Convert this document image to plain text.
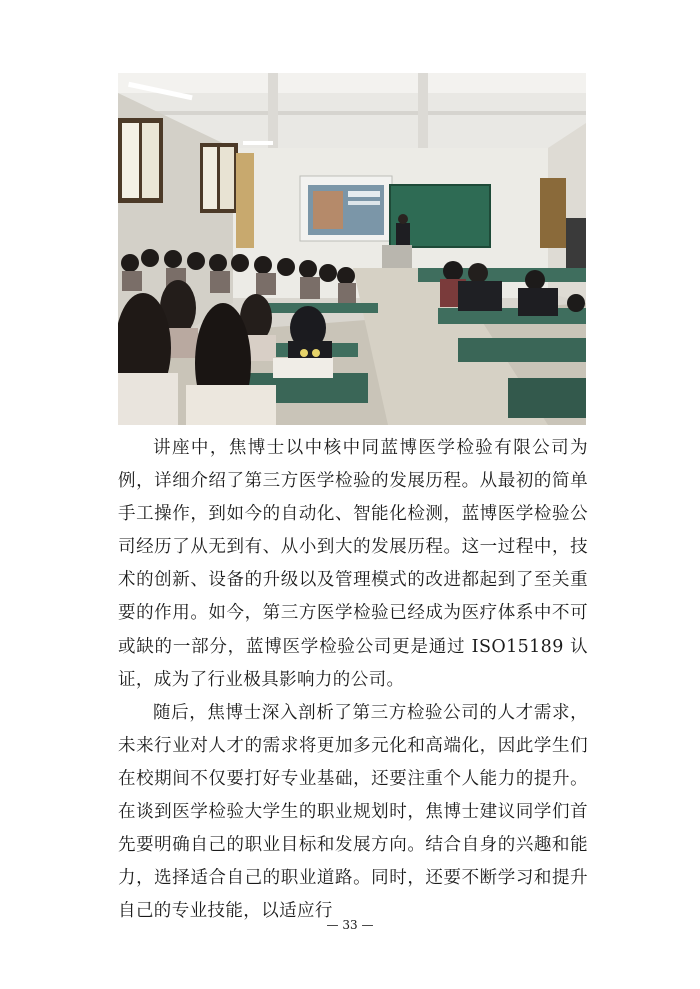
讲座中，焦博士以中核中同蓝博医学检验有限公司为例，详细介绍了第三方医学检验的发展历程。从最初的简单手工操作，到如今的自动化、智能化检测，蓝博医学检验公司经历了从无到有、从小到大的发展历程。这一过程中，技术的创新、设备的升级以及管理模式的改进都起到了至关重要的作用。如今，第三方医学检验已经成为医疗体系中不可或缺的一部分，蓝博医学检验公司更是通过 ISO15189 认证，成为了行业极具影响力的公司。

随后，焦博士深入剖析了第三方检验公司的人才需求，未来行业对人才的需求将更加多元化和高端化，因此学生们在校期间不仅要打好专业基础，还要注重个人能力的提升。在谈到医学检验大学生的职业规划时，焦博士建议同学们首先要明确自己的职业目标和发展方向。结合自身的兴趣和能力，选择适合自己的职业道路。同时，还要不断学习和提升自己的专业技能，以适应行

— 33 —
